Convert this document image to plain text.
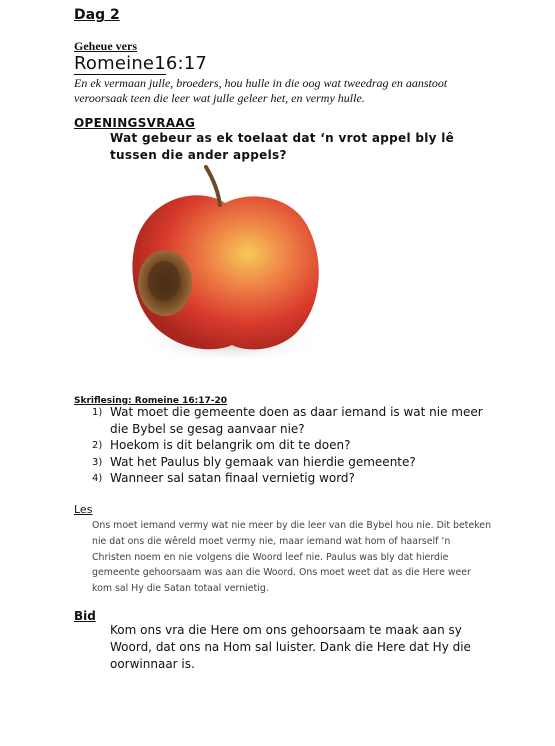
Dag 2
Geheue vers
Romeine16:17
En ek vermaan julle, broeders, hou hulle in die oog wat tweedrag en aanstoot veroorsaak teen die leer wat julle geleer het, en vermy hulle.
OPENINGSVRAAG
Wat gebeur as ek toelaat dat ‘n vrot appel bly lê tussen die ander appels?
Skriflesing: Romeine 16:17-20
1) Wat moet die gemeente doen as daar iemand is wat nie meer die Bybel se gesag aanvaar nie?
2) Hoekom is dit belangrik om dit te doen?
3) Wat het Paulus bly gemaak van hierdie gemeente?
4) Wanneer sal satan finaal vernietig word?
Les
Ons moet iemand vermy wat nie meer by die leer van die Bybel hou nie. Dit beteken nie dat ons die wêreld moet vermy nie, maar iemand wat hom of haarself ‘n Christen noem en nie volgens die Woord leef nie. Paulus was bly dat hierdie gemeente gehoorsaam was aan die Woord. Ons moet weet dat as die Here weer kom sal Hy die Satan totaal vernietig.
Bid
Kom ons vra die Here om ons gehoorsaam te maak aan sy Woord, dat ons na Hom sal luister. Dank die Here dat Hy die oorwinnaar is.
